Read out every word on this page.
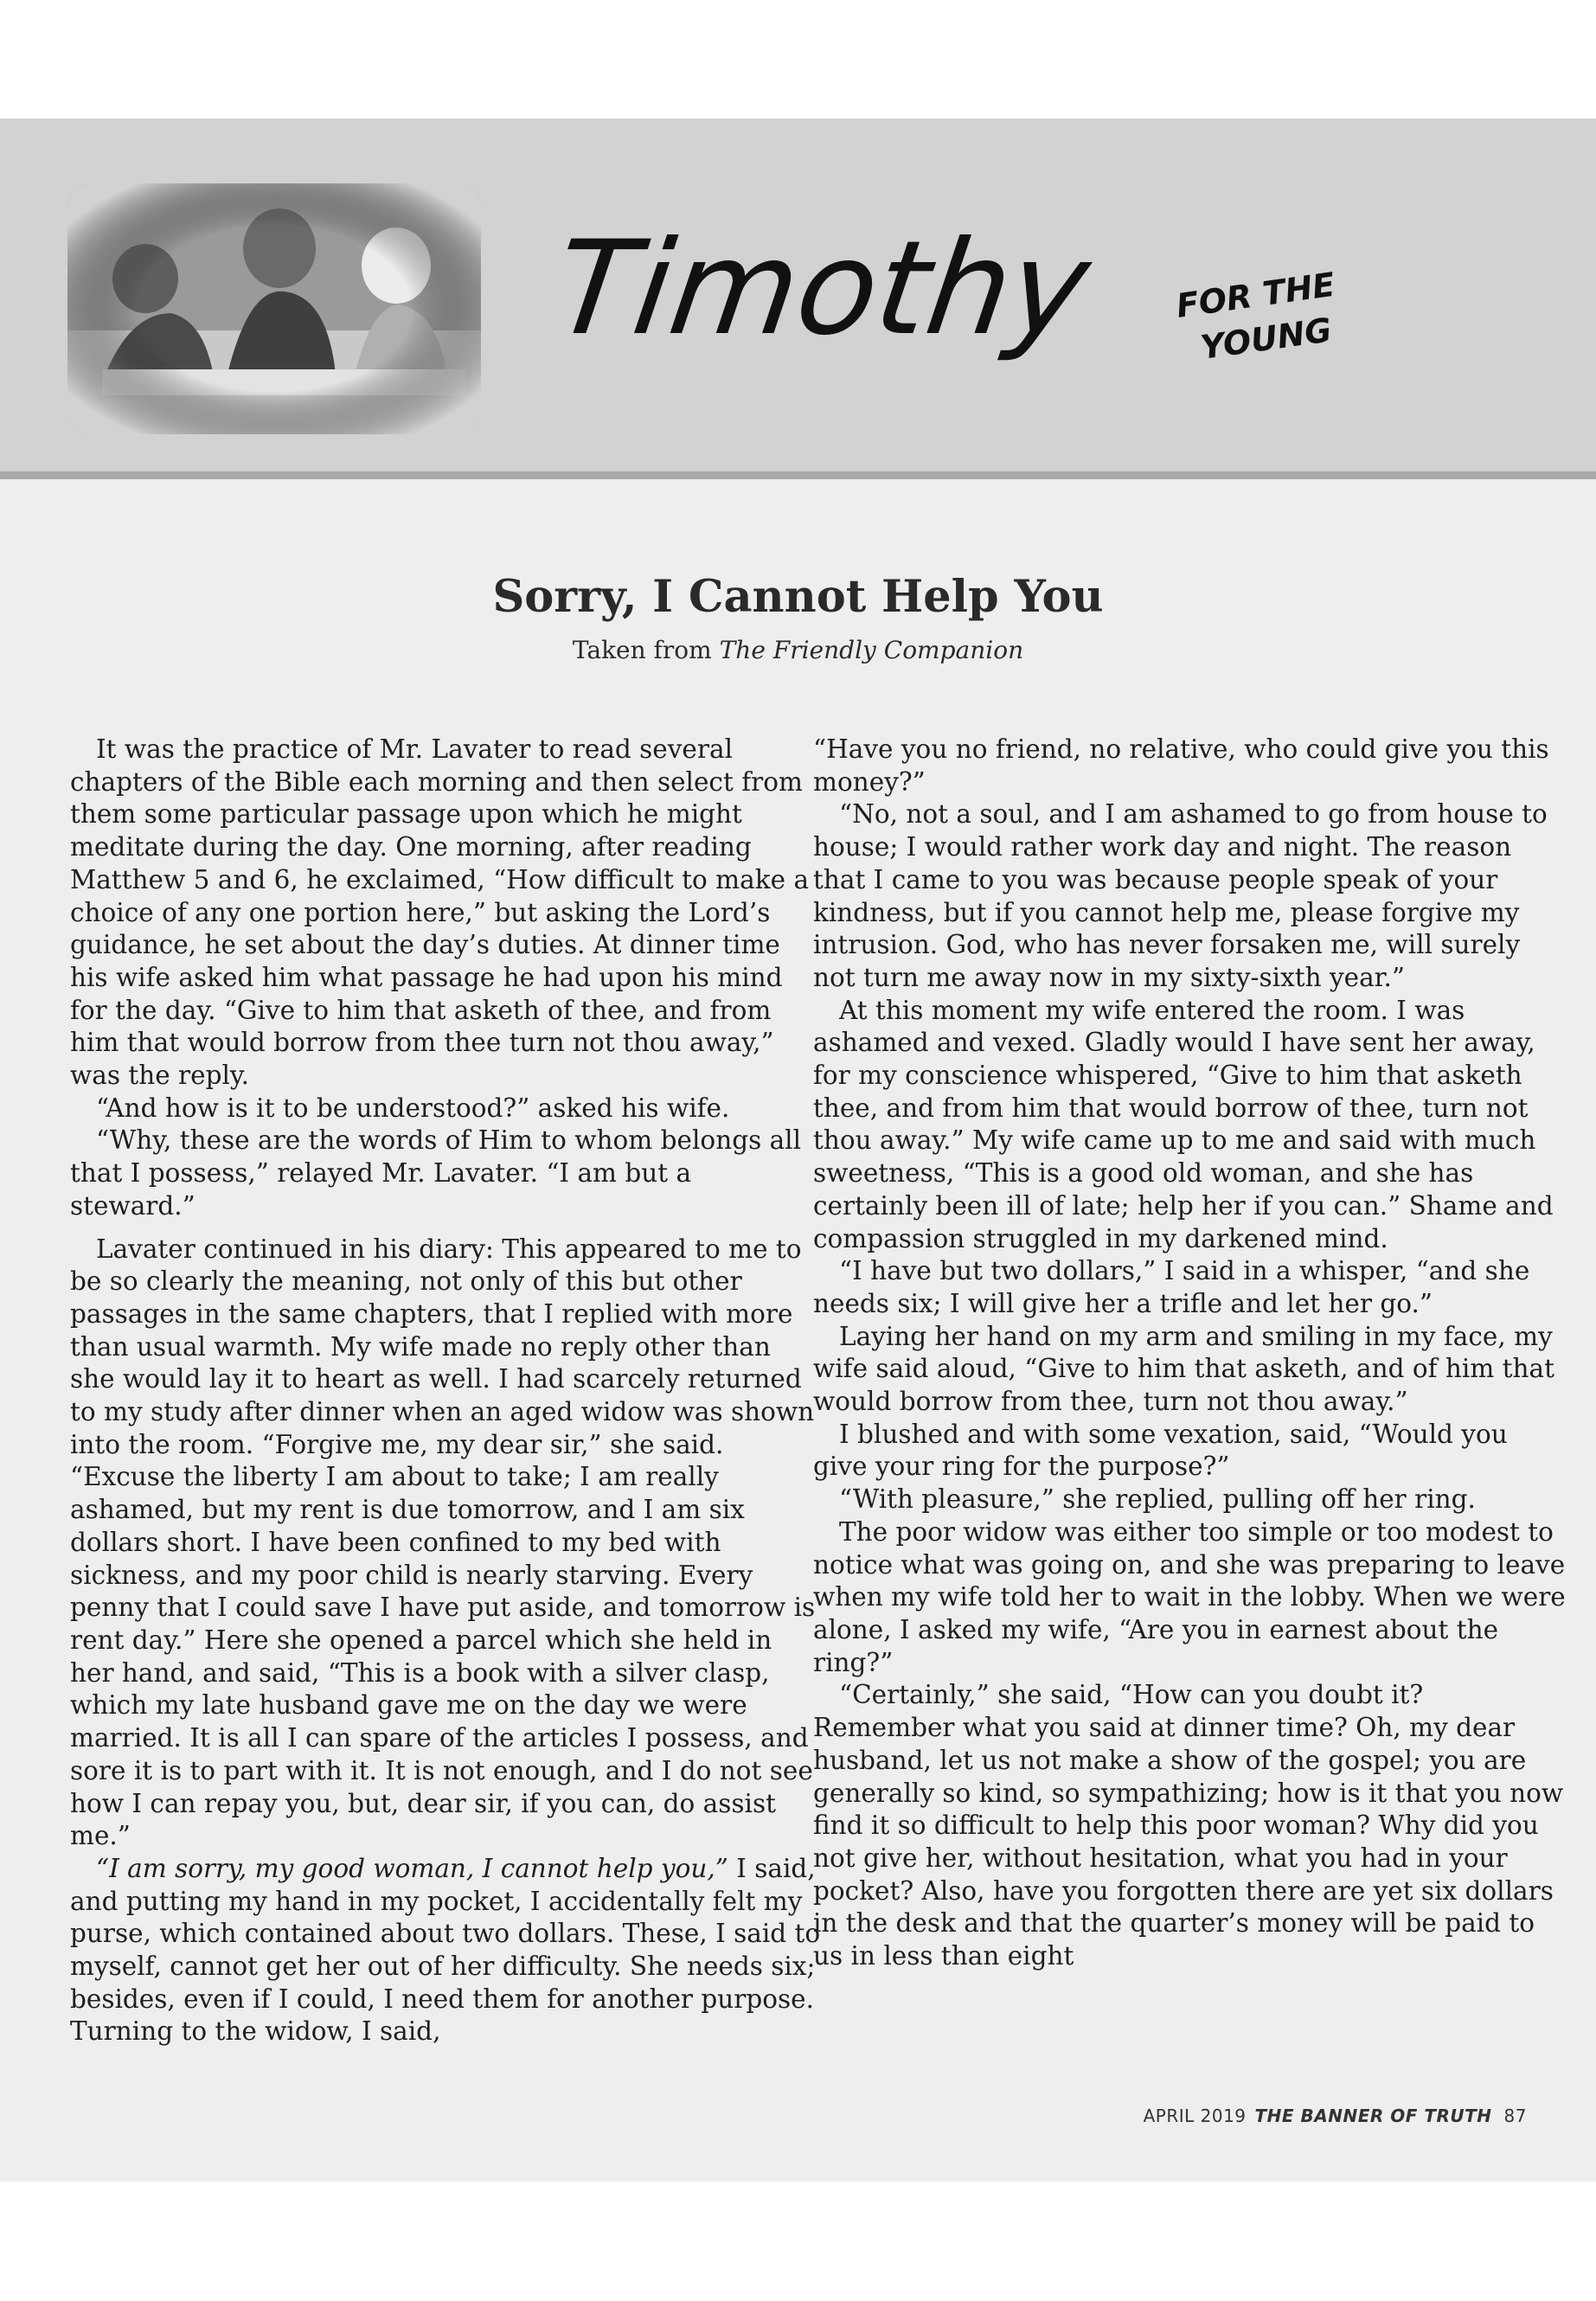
Timothy FOR THE
YOUNG
Sorry, I Cannot Help You
Taken from The Friendly Companion

It was the practice of Mr. Lavater to read several chapters of the Bible each morning and then select from them some particular passage upon which he might meditate during the day. One morning, after reading Matthew 5 and 6, he exclaimed, “How difficult to make a choice of any one portion here,” but asking the Lord’s guidance, he set about the day’s duties. At dinner time his wife asked him what passage he had upon his mind for the day. “Give to him that asketh of thee, and from him that would borrow from thee turn not thou away,” was the reply.

“And how is it to be understood?” asked his wife.

“Why, these are the words of Him to whom belongs all that I possess,” relayed Mr. Lavater. “I am but a steward.”

Lavater continued in his diary: This appeared to me to be so clearly the meaning, not only of this but other passages in the same chapters, that I replied with more than usual warmth. My wife made no reply other than she would lay it to heart as well. I had scarcely returned to my study after dinner when an aged widow was shown into the room. “Forgive me, my dear sir,” she said. “Excuse the liberty I am about to take; I am really ashamed, but my rent is due tomorrow, and I am six dollars short. I have been confined to my bed with sickness, and my poor child is nearly starving. Every penny that I could save I have put aside, and tomorrow is rent day.” Here she opened a parcel which she held in her hand, and said, “This is a book with a silver clasp, which my late husband gave me on the day we were married. It is all I can spare of the articles I possess, and sore it is to part with it. It is not enough, and I do not see how I can repay you, but, dear sir, if you can, do assist me.”

“I am sorry, my good woman, I cannot help you,” I said, and putting my hand in my pocket, I accidentally felt my purse, which contained about two dollars. These, I said to myself, cannot get her out of her difficulty. She needs six; besides, even if I could, I need them for another purpose. Turning to the widow, I said,

“Have you no friend, no relative, who could give you this money?”

“No, not a soul, and I am ashamed to go from house to house; I would rather work day and night. The reason that I came to you was because people speak of your kindness, but if you cannot help me, please forgive my intrusion. God, who has never forsaken me, will surely not turn me away now in my sixty-sixth year.”

At this moment my wife entered the room. I was ashamed and vexed. Gladly would I have sent her away, for my conscience whispered, “Give to him that asketh thee, and from him that would borrow of thee, turn not thou away.” My wife came up to me and said with much sweetness, “This is a good old woman, and she has certainly been ill of late; help her if you can.” Shame and compassion struggled in my darkened mind.

“I have but two dollars,” I said in a whisper, “and she needs six; I will give her a trifle and let her go.”

Laying her hand on my arm and smiling in my face, my wife said aloud, “Give to him that asketh, and of him that would borrow from thee, turn not thou away.”

I blushed and with some vexation, said, “Would you give your ring for the purpose?”

“With pleasure,” she replied, pulling off her ring.

The poor widow was either too simple or too modest to notice what was going on, and she was preparing to leave when my wife told her to wait in the lobby. When we were alone, I asked my wife, “Are you in earnest about the ring?”

“Certainly,” she said, “How can you doubt it? Remember what you said at dinner time? Oh, my dear husband, let us not make a show of the gospel; you are generally so kind, so sympathizing; how is it that you now find it so difficult to help this poor woman? Why did you not give her, without hesitation, what you had in your pocket? Also, have you forgotten there are yet six dollars in the desk and that the quarter’s money will be paid to us in less than eight

APRIL 2019 THE BANNER OF TRUTH 87
